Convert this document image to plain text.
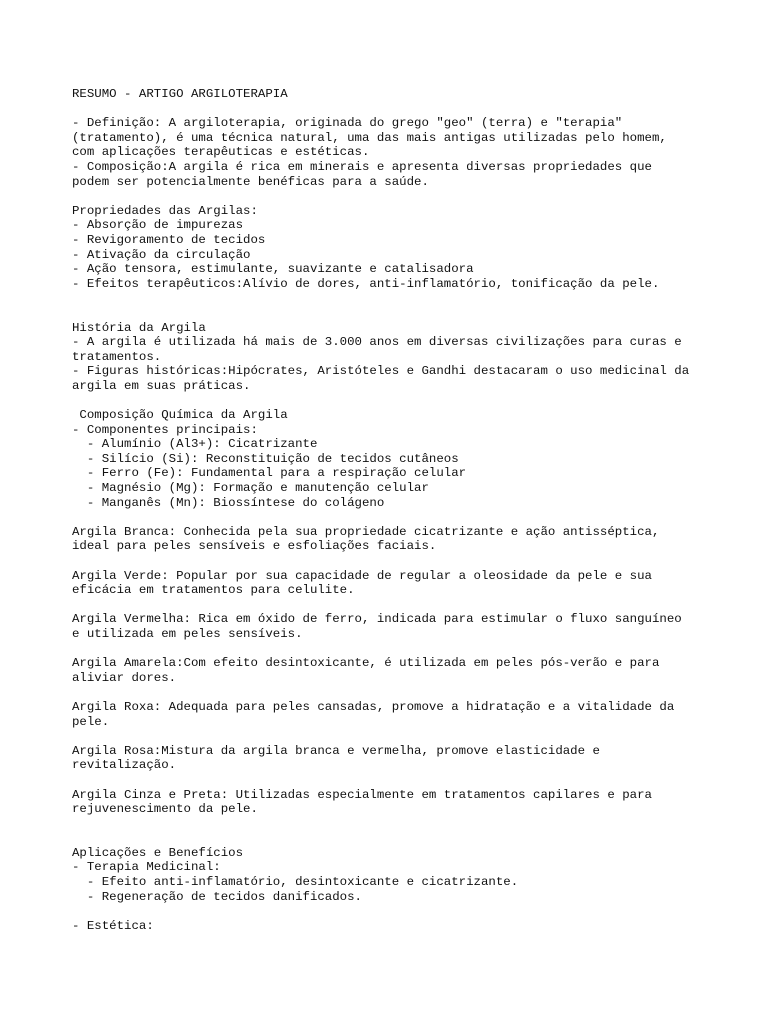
RESUMO - ARTIGO ARGILOTERAPIA
- Definição: A argiloterapia, originada do grego "geo" (terra) e "terapia"
(tratamento), é uma técnica natural, uma das mais antigas utilizadas pelo homem,
com aplicações terapêuticas e estéticas.
- Composição:A argila é rica em minerais e apresenta diversas propriedades que
podem ser potencialmente benéficas para a saúde.
Propriedades das Argilas:
- Absorção de impurezas
- Revigoramento de tecidos
- Ativação da circulação
- Ação tensora, estimulante, suavizante e catalisadora
- Efeitos terapêuticos:Alívio de dores, anti-inflamatório, tonificação da pele.
História da Argila
- A argila é utilizada há mais de 3.000 anos em diversas civilizações para curas e
tratamentos.
- Figuras históricas:Hipócrates, Aristóteles e Gandhi destacaram o uso medicinal da
argila em suas práticas.
Composição Química da Argila
- Componentes principais:
- Alumínio (Al3+): Cicatrizante
- Silício (Si): Reconstituição de tecidos cutâneos
- Ferro (Fe): Fundamental para a respiração celular
- Magnésio (Mg): Formação e manutenção celular
- Manganês (Mn): Biossíntese do colágeno
Argila Branca: Conhecida pela sua propriedade cicatrizante e ação antisséptica,
ideal para peles sensíveis e esfoliações faciais.
Argila Verde: Popular por sua capacidade de regular a oleosidade da pele e sua
eficácia em tratamentos para celulite.
Argila Vermelha: Rica em óxido de ferro, indicada para estimular o fluxo sanguíneo
e utilizada em peles sensíveis.
Argila Amarela:Com efeito desintoxicante, é utilizada em peles pós-verão e para
aliviar dores.
Argila Roxa: Adequada para peles cansadas, promove a hidratação e a vitalidade da
pele.
Argila Rosa:Mistura da argila branca e vermelha, promove elasticidade e
revitalização.
Argila Cinza e Preta: Utilizadas especialmente em tratamentos capilares e para
rejuvenescimento da pele.
Aplicações e Benefícios
- Terapia Medicinal:
- Efeito anti-inflamatório, desintoxicante e cicatrizante.
- Regeneração de tecidos danificados.
- Estética:
